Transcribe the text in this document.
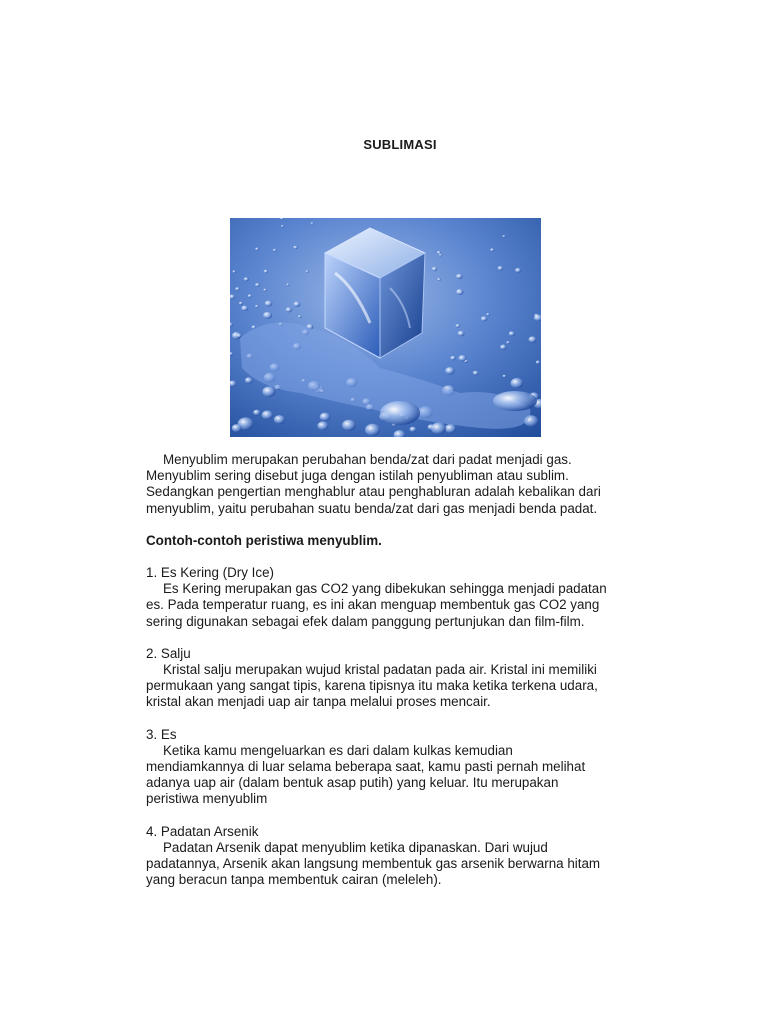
SUBLIMASI

Menyublim merupakan perubahan benda/zat dari padat menjadi gas.

Menyublim sering disebut juga dengan istilah penyubliman atau sublim.

Sedangkan pengertian menghablur atau penghabluran adalah kebalikan dari

menyublim, yaitu perubahan suatu benda/zat dari gas menjadi benda padat.

Contoh-contoh peristiwa menyublim.

1. Es Kering (Dry Ice)

Es Kering merupakan gas CO2 yang dibekukan sehingga menjadi padatan

es. Pada temperatur ruang, es ini akan menguap membentuk gas CO2 yang

sering digunakan sebagai efek dalam panggung pertunjukan dan film-film.

2. Salju

Kristal salju merupakan wujud kristal padatan pada air. Kristal ini memiliki

permukaan yang sangat tipis, karena tipisnya itu maka ketika terkena udara,

kristal akan menjadi uap air tanpa melalui proses mencair.

3. Es

Ketika kamu mengeluarkan es dari dalam kulkas kemudian

mendiamkannya di luar selama beberapa saat, kamu pasti pernah melihat

adanya uap air (dalam bentuk asap putih) yang keluar. Itu merupakan

peristiwa menyublim

4. Padatan Arsenik

Padatan Arsenik dapat menyublim ketika dipanaskan. Dari wujud

padatannya, Arsenik akan langsung membentuk gas arsenik berwarna hitam

yang beracun tanpa membentuk cairan (meleleh).
